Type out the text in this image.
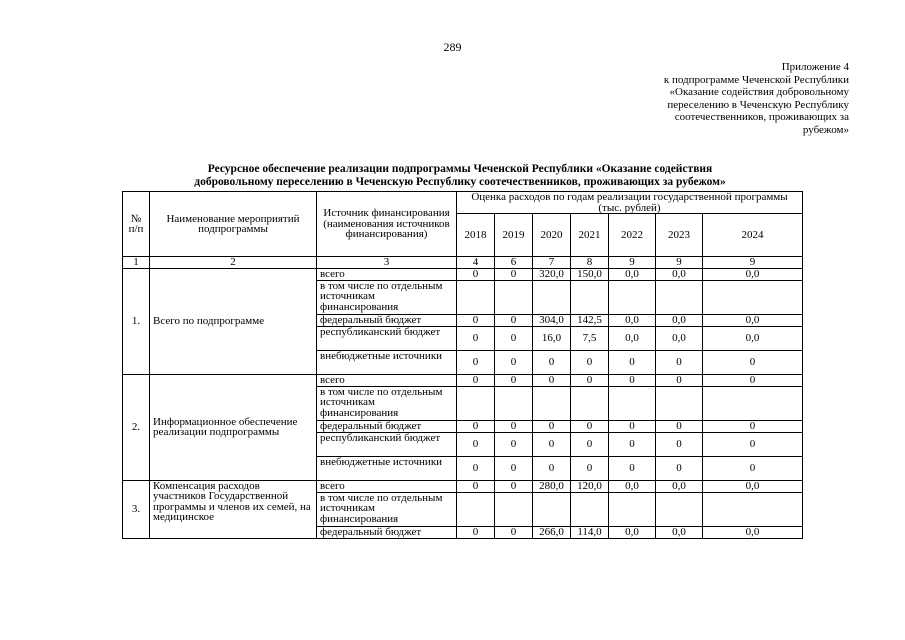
289
Приложение 4
к подпрограмме Чеченской Республики
«Оказание содействия добровольному
переселению в Чеченскую Республику
соотечественников, проживающих за
рубежом»
Ресурсное обеспечение реализации подпрограммы Чеченской Республики «Оказание содействия
добровольному переселению в Чеченскую Республику соотечественников, проживающих за рубежом»
№ п/п	Наименование мероприятий подпрограммы	Источник финансирования (наименования источников финансирования)	Оценка расходов по годам реализации государственной программы (тыс. рублей)						
			2018	2019	2020	2021	2022	2023	2024
1	2	3	4	6	7	8	9	9	9
1.	Всего по подпрограмме	всего	0	0	320,0	150,0	0,0	0,0	0,0
		в том числе по отдельным источникам финансирования							
		федеральный бюджет	0	0	304,0	142,5	0,0	0,0	0,0
		республиканский бюджет	0	0	16,0	7,5	0,0	0,0	0,0
		внебюджетные источники	0	0	0	0	0	0	0
2.	Информационное обеспечение реализации подпрограммы	всего	0	0	0	0	0	0	0
		в том числе по отдельным источникам финансирования							
		федеральный бюджет	0	0	0	0	0	0	0
		республиканский бюджет	0	0	0	0	0	0	0
		внебюджетные источники	0	0	0	0	0	0	0
3.	Компенсация расходов участников Государственной программы и членов их семей, на медицинское	всего	0	0	280,0	120,0	0,0	0,0	0,0
		в том числе по отдельным источникам финансирования							
		федеральный бюджет	0	0	266,0	114,0	0,0	0,0	0,0
